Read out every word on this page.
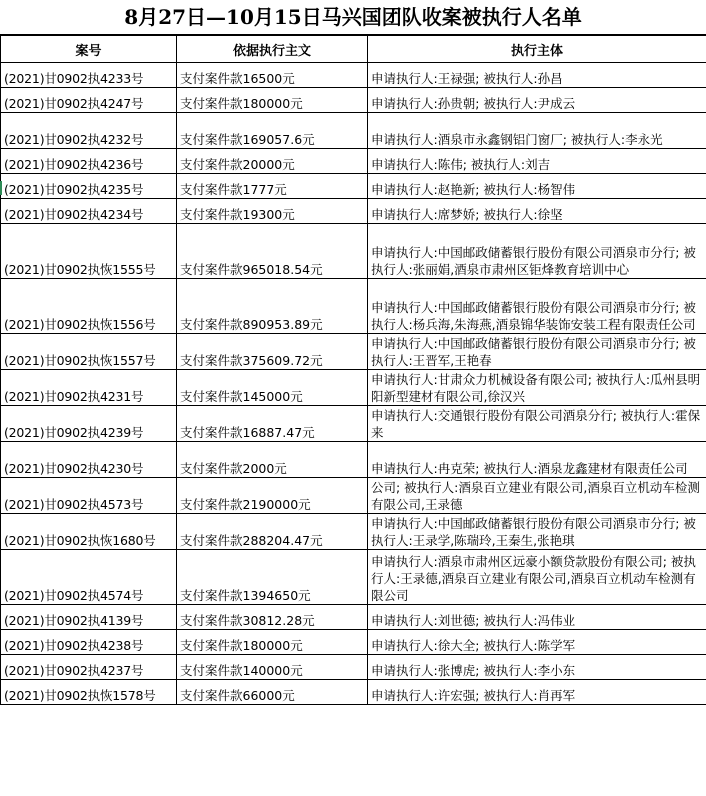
8月27日—10月15日马兴国团队收案被执行人名单
案号	依据执行主文	执行主体
(2021)甘0902执4233号	支付案件款16500元	申请执行人:王禄强; 被执行人:孙昌
(2021)甘0902执4247号	支付案件款180000元	申请执行人:孙贵朝; 被执行人:尹成云
(2021)甘0902执4232号	支付案件款169057.6元	申请执行人:酒泉市永鑫钢铝门窗厂; 被执行人:李永光
(2021)甘0902执4236号	支付案件款20000元	申请执行人:陈伟; 被执行人:刘吉
(2021)甘0902执4235号	支付案件款1777元	申请执行人:赵艳新; 被执行人:杨智伟
(2021)甘0902执4234号	支付案件款19300元	申请执行人:席梦娇; 被执行人:徐坚
(2021)甘0902执恢1555号	支付案件款965018.54元	申请执行人:中国邮政储蓄银行股份有限公司酒泉市分行; 被执行人:张丽娟,酒泉市肃州区钜烽教育培训中心
(2021)甘0902执恢1556号	支付案件款890953.89元	申请执行人:中国邮政储蓄银行股份有限公司酒泉市分行; 被执行人:杨兵海,朱海燕,酒泉锦华装饰安装工程有限责任公司
(2021)甘0902执恢1557号	支付案件款375609.72元	申请执行人:中国邮政储蓄银行股份有限公司酒泉市分行; 被执行人:王晋军,王艳春
(2021)甘0902执4231号	支付案件款145000元	申请执行人:甘肃众力机械设备有限公司; 被执行人:瓜州县明阳新型建材有限公司,徐汉兴
(2021)甘0902执4239号	支付案件款16887.47元	申请执行人:交通银行股份有限公司酒泉分行; 被执行人:霍保来
(2021)甘0902执4230号	支付案件款2000元	申请执行人:冉克荣; 被执行人:酒泉龙鑫建材有限责任公司
(2021)甘0902执4573号	支付案件款2190000元	公司; 被执行人:酒泉百立建业有限公司,酒泉百立机动车检测有限公司,王录德
(2021)甘0902执恢1680号	支付案件款288204.47元	申请执行人:中国邮政储蓄银行股份有限公司酒泉市分行; 被执行人:王录学,陈瑞玲,王秦生,张艳琪
(2021)甘0902执4574号	支付案件款1394650元	申请执行人:酒泉市肃州区远豪小额贷款股份有限公司; 被执行人:王录德,酒泉百立建业有限公司,酒泉百立机动车检测有限公司
(2021)甘0902执4139号	支付案件款30812.28元	申请执行人:刘世德; 被执行人:冯伟业
(2021)甘0902执4238号	支付案件款180000元	申请执行人:徐大全; 被执行人:陈学军
(2021)甘0902执4237号	支付案件款140000元	申请执行人:张博虎; 被执行人:李小东
(2021)甘0902执恢1578号	支付案件款66000元	申请执行人:许宏强; 被执行人:肖再军
